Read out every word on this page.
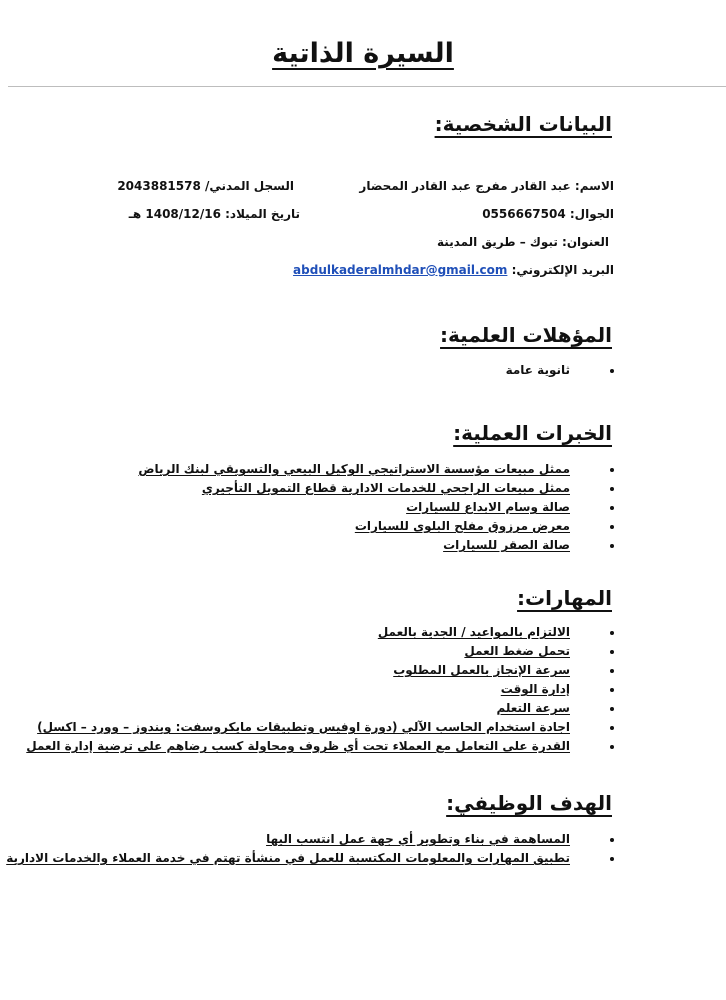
السيرة الذاتية
البيانات الشخصية:

الاسم: عبد القادر مفرج عبد القادر المحضار

السجل المدني/ 2043881578

الجوال: 0556667504

تاريخ الميلاد: 1408/12/16 هـ

العنوان: تبوك – طريق المدينة

البريد الإلكتروني: abdulkaderalmhdar@gmail.com

المؤهلات العلمية:
ثانوية عامة
الخبرات العملية:
ممثل مبيعات مؤسسة الاستراتيجي الوكيل البيعي والتسويقي لبنك الرياض
ممثل مبيعات الراجحي للخدمات الادارية قطاع التمويل التأجيري
صالة وسام الابداع للسيارات
معرض مرزوق مفلح البلوى للسيارات
صالة الصقر للسيارات
المهارات:
الالتزام بالمواعيد / الجدية بالعمل
تحمل ضغط العمل
سرعة الإنجاز بالعمل المطلوب
إدارة الوقت
سرعة التعلم
اجادة استخدام الحاسب الآلي (دورة اوفيس وتطبيقات مايكروسفت: ويندوز – وورد – اكسل)
القدرة على التعامل مع العملاء تحت أي ظروف ومحاولة كسب رضاهم على ترضية إدارة العمل
الهدف الوظيفي:
المساهمة في بناء وتطوير أي جهة عمل انتسب اليها
تطبيق المهارات والمعلومات المكتسبة للعمل في منشأة تهتم في خدمة العملاء والخدمات الادارية
